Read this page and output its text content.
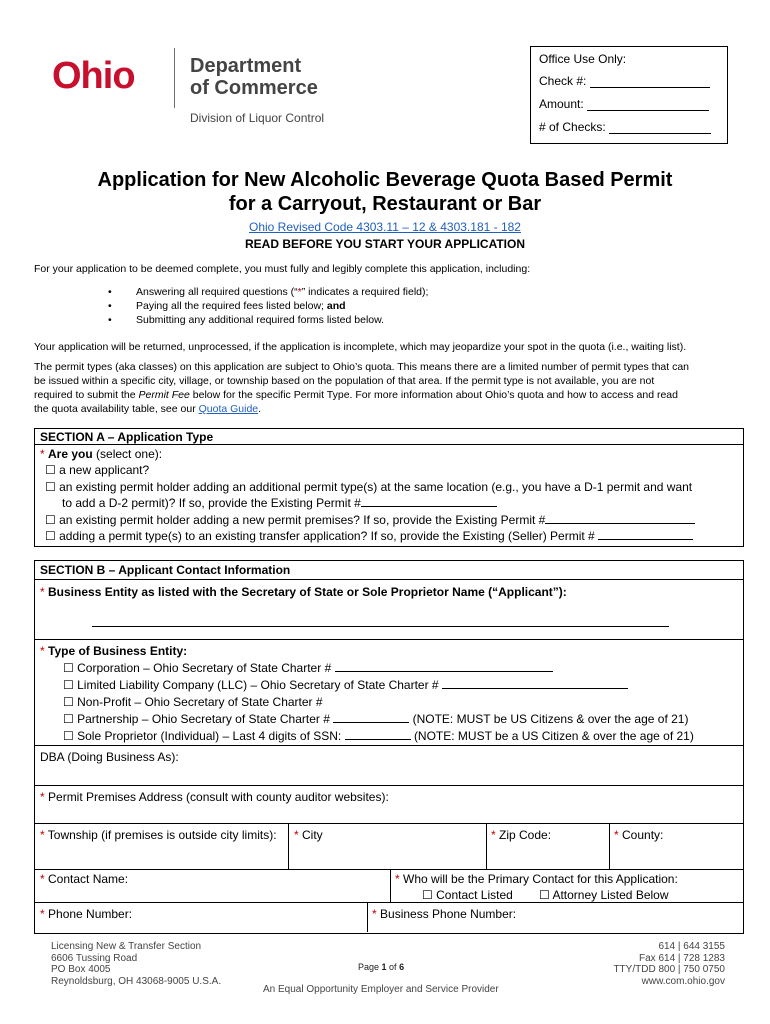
Ohio	Department
of Commerce
Division of Liquor Control
Office Use Only:
Check #:
Amount:
# of Checks:
Application for New Alcoholic Beverage Quota Based Permit
for a Carryout, Restaurant or Bar
Ohio Revised Code 4303.11 – 12 & 4303.181 - 182
READ BEFORE YOU START YOUR APPLICATION
For your application to be deemed complete, you must fully and legibly complete this application, including:
• Answering all required questions (“*” indicates a required field);
• Paying all the required fees listed below; and
• Submitting any additional required forms listed below.
Your application will be returned, unprocessed, if the application is incomplete, which may jeopardize your spot in the quota (i.e., waiting list).
The permit types (aka classes) on this application are subject to Ohio’s quota. This means there are a limited number of permit types that can
be issued within a specific city, village, or township based on the population of that area. If the permit type is not available, you are not
required to submit the Permit Fee below for the specific Permit Type. For more information about Ohio’s quota and how to access and read
the quota availability table, see our Quota Guide.
SECTION A – Application Type
* Are you (select one):
☐ a new applicant?
☐ an existing permit holder adding an additional permit type(s) at the same location (e.g., you have a D-1 permit and want
to add a D-2 permit)? If so, provide the Existing Permit #
☐ an existing permit holder adding a new permit premises? If so, provide the Existing Permit #
☐ adding a permit type(s) to an existing transfer application? If so, provide the Existing (Seller) Permit #
SECTION B – Applicant Contact Information
* Business Entity as listed with the Secretary of State or Sole Proprietor Name (“Applicant”):
* Type of Business Entity:
☐ Corporation – Ohio Secretary of State Charter #
☐ Limited Liability Company (LLC) – Ohio Secretary of State Charter #
☐ Non-Profit – Ohio Secretary of State Charter #
☐ Partnership – Ohio Secretary of State Charter #	(NOTE: MUST be US Citizens & over the age of 21)
☐ Sole Proprietor (Individual) – Last 4 digits of SSN:	(NOTE: MUST be a US Citizen & over the age of 21)
DBA (Doing Business As):
* Permit Premises Address (consult with county auditor websites):
* Township (if premises is outside city limits): * City	* Zip Code:	* County:
* Contact Name:	* Who will be the Primary Contact for this Application:
☐ Contact Listed
☐	Attorney Listed Below
* Phone Number:	* Business Phone Number:
Licensing New & Transfer Section
6606 Tussing Road
PO Box 4005
Reynoldsburg, OH 43068-9005 U.S.A.
Page 1 of 6
An Equal Opportunity Employer and Service Provider
614 | 644 3155
Fax 614 | 728 1283
TTY/TDD 800 | 750 0750
www.com.ohio.gov
